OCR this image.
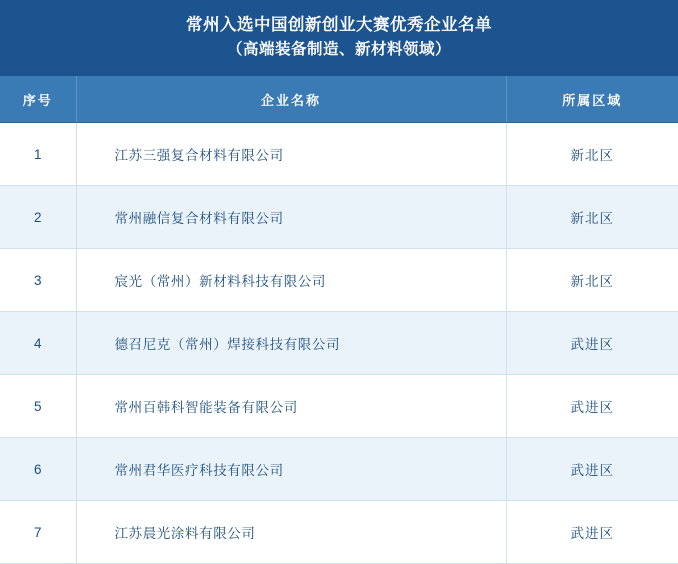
常州入选中国创新创业大赛优秀企业名单
（高端装备制造、新材料领域）
序号	企业名称	所属区域
1	江苏三强复合材料有限公司	新北区
2	常州融信复合材料有限公司	新北区
3	宸光（常州）新材料科技有限公司	新北区
4	德召尼克（常州）焊接科技有限公司	武进区
5	常州百韩科智能装备有限公司	武进区
6	常州君华医疗科技有限公司	武进区
7	江苏晨光涂料有限公司	武进区
